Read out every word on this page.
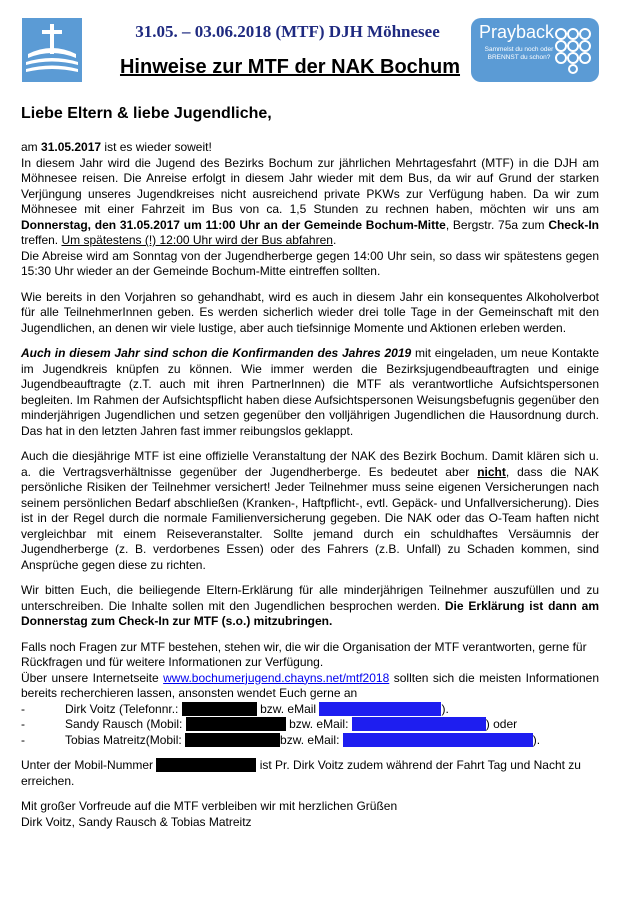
31.05. – 03.06.2018 (MTF) DJH Möhnesee
Hinweise zur MTF der NAK Bochum
Prayback
Sammelst du noch oder BRENNST du schon?
Liebe Eltern & liebe Jugendliche,

am 31.05.2017 ist es wieder soweit!

In diesem Jahr wird die Jugend des Bezirks Bochum zur jährlichen Mehrtagesfahrt (MTF) in die DJH am Möhnesee reisen. Die Anreise erfolgt in diesem Jahr wieder mit dem Bus, da wir auf Grund der starken Verjüngung unseres Jugendkreises nicht ausreichend private PKWs zur Verfügung haben. Da wir zum Möhnesee mit einer Fahrzeit im Bus von ca. 1,5 Stunden zu rechnen haben, möchten wir uns am Donnerstag, den 31.05.2017 um 11:00 Uhr an der Gemeinde Bochum-Mitte, Bergstr. 75a zum Check-In treffen. Um spätestens (!) 12:00 Uhr wird der Bus abfahren.

Die Abreise wird am Sonntag von der Jugendherberge gegen 14:00 Uhr sein, so dass wir spätestens gegen 15:30 Uhr wieder an der Gemeinde Bochum-Mitte eintreffen sollten.

Wie bereits in den Vorjahren so gehandhabt, wird es auch in diesem Jahr ein konsequentes Alkoholverbot für alle TeilnehmerInnen geben. Es werden sicherlich wieder drei tolle Tage in der Gemeinschaft mit den Jugendlichen, an denen wir viele lustige, aber auch tiefsinnige Momente und Aktionen erleben werden.

Auch in diesem Jahr sind schon die Konfirmanden des Jahres 2019 mit eingeladen, um neue Kontakte im Jugendkreis knüpfen zu können. Wie immer werden die Bezirksjugendbeauftragten und einige Jugendbeauftragte (z.T. auch mit ihren PartnerInnen) die MTF als verantwortliche Aufsichtspersonen begleiten. Im Rahmen der Aufsichtspflicht haben diese Aufsichtspersonen Weisungsbefugnis gegenüber den minderjährigen Jugendlichen und setzen gegenüber den volljährigen Jugendlichen die Hausordnung durch. Das hat in den letzten Jahren fast immer reibungslos geklappt.

Auch die diesjährige MTF ist eine offizielle Veranstaltung der NAK des Bezirk Bochum. Damit klären sich u. a. die Vertragsverhältnisse gegenüber der Jugendherberge. Es bedeutet aber nicht, dass die NAK persönliche Risiken der Teilnehmer versichert! Jeder Teilnehmer muss seine eigenen Versicherungen nach seinem persönlichen Bedarf abschließen (Kranken-, Haftpflicht-, evtl. Gepäck- und Unfallversicherung). Dies ist in der Regel durch die normale Familienversicherung gegeben. Die NAK oder das O-Team haften nicht vergleichbar mit einem Reiseveranstalter. Sollte jemand durch ein schuldhaftes Versäumnis der Jugendherberge (z. B. verdorbenes Essen) oder des Fahrers (z.B. Unfall) zu Schaden kommen, sind Ansprüche gegen diese zu richten.

Wir bitten Euch, die beiliegende Eltern-Erklärung für alle minderjährigen Teilnehmer auszufüllen und zu unterschreiben. Die Inhalte sollen mit den Jugendlichen besprochen werden. Die Erklärung ist dann am Donnerstag zum Check-In zur MTF (s.o.) mitzubringen.

Falls noch Fragen zur MTF bestehen, stehen wir, die wir die Organisation der MTF verantworten, gerne für Rückfragen und für weitere Informationen zur Verfügung.

Über unsere Internetseite www.bochumerjugend.chayns.net/mtf2018 sollten sich die meisten Informationen bereits recherchieren lassen, ansonsten wendet Euch gerne an

-	Dirk Voitz (Telefonnr.:

	bzw. eMail
	).
-	Sandy Rausch (Mobil:

	bzw. eMail:
	) oder
-	Tobias Matreitz(Mobil:
	bzw. eMail:
	).

Unter der Mobil-Nummer	ist Pr. Dirk Voitz zudem während der Fahrt Tag und Nacht zu erreichen.

Mit großer Vorfreude auf die MTF verbleiben wir mit herzlichen Grüßen

Dirk Voitz, Sandy Rausch & Tobias Matreitz
